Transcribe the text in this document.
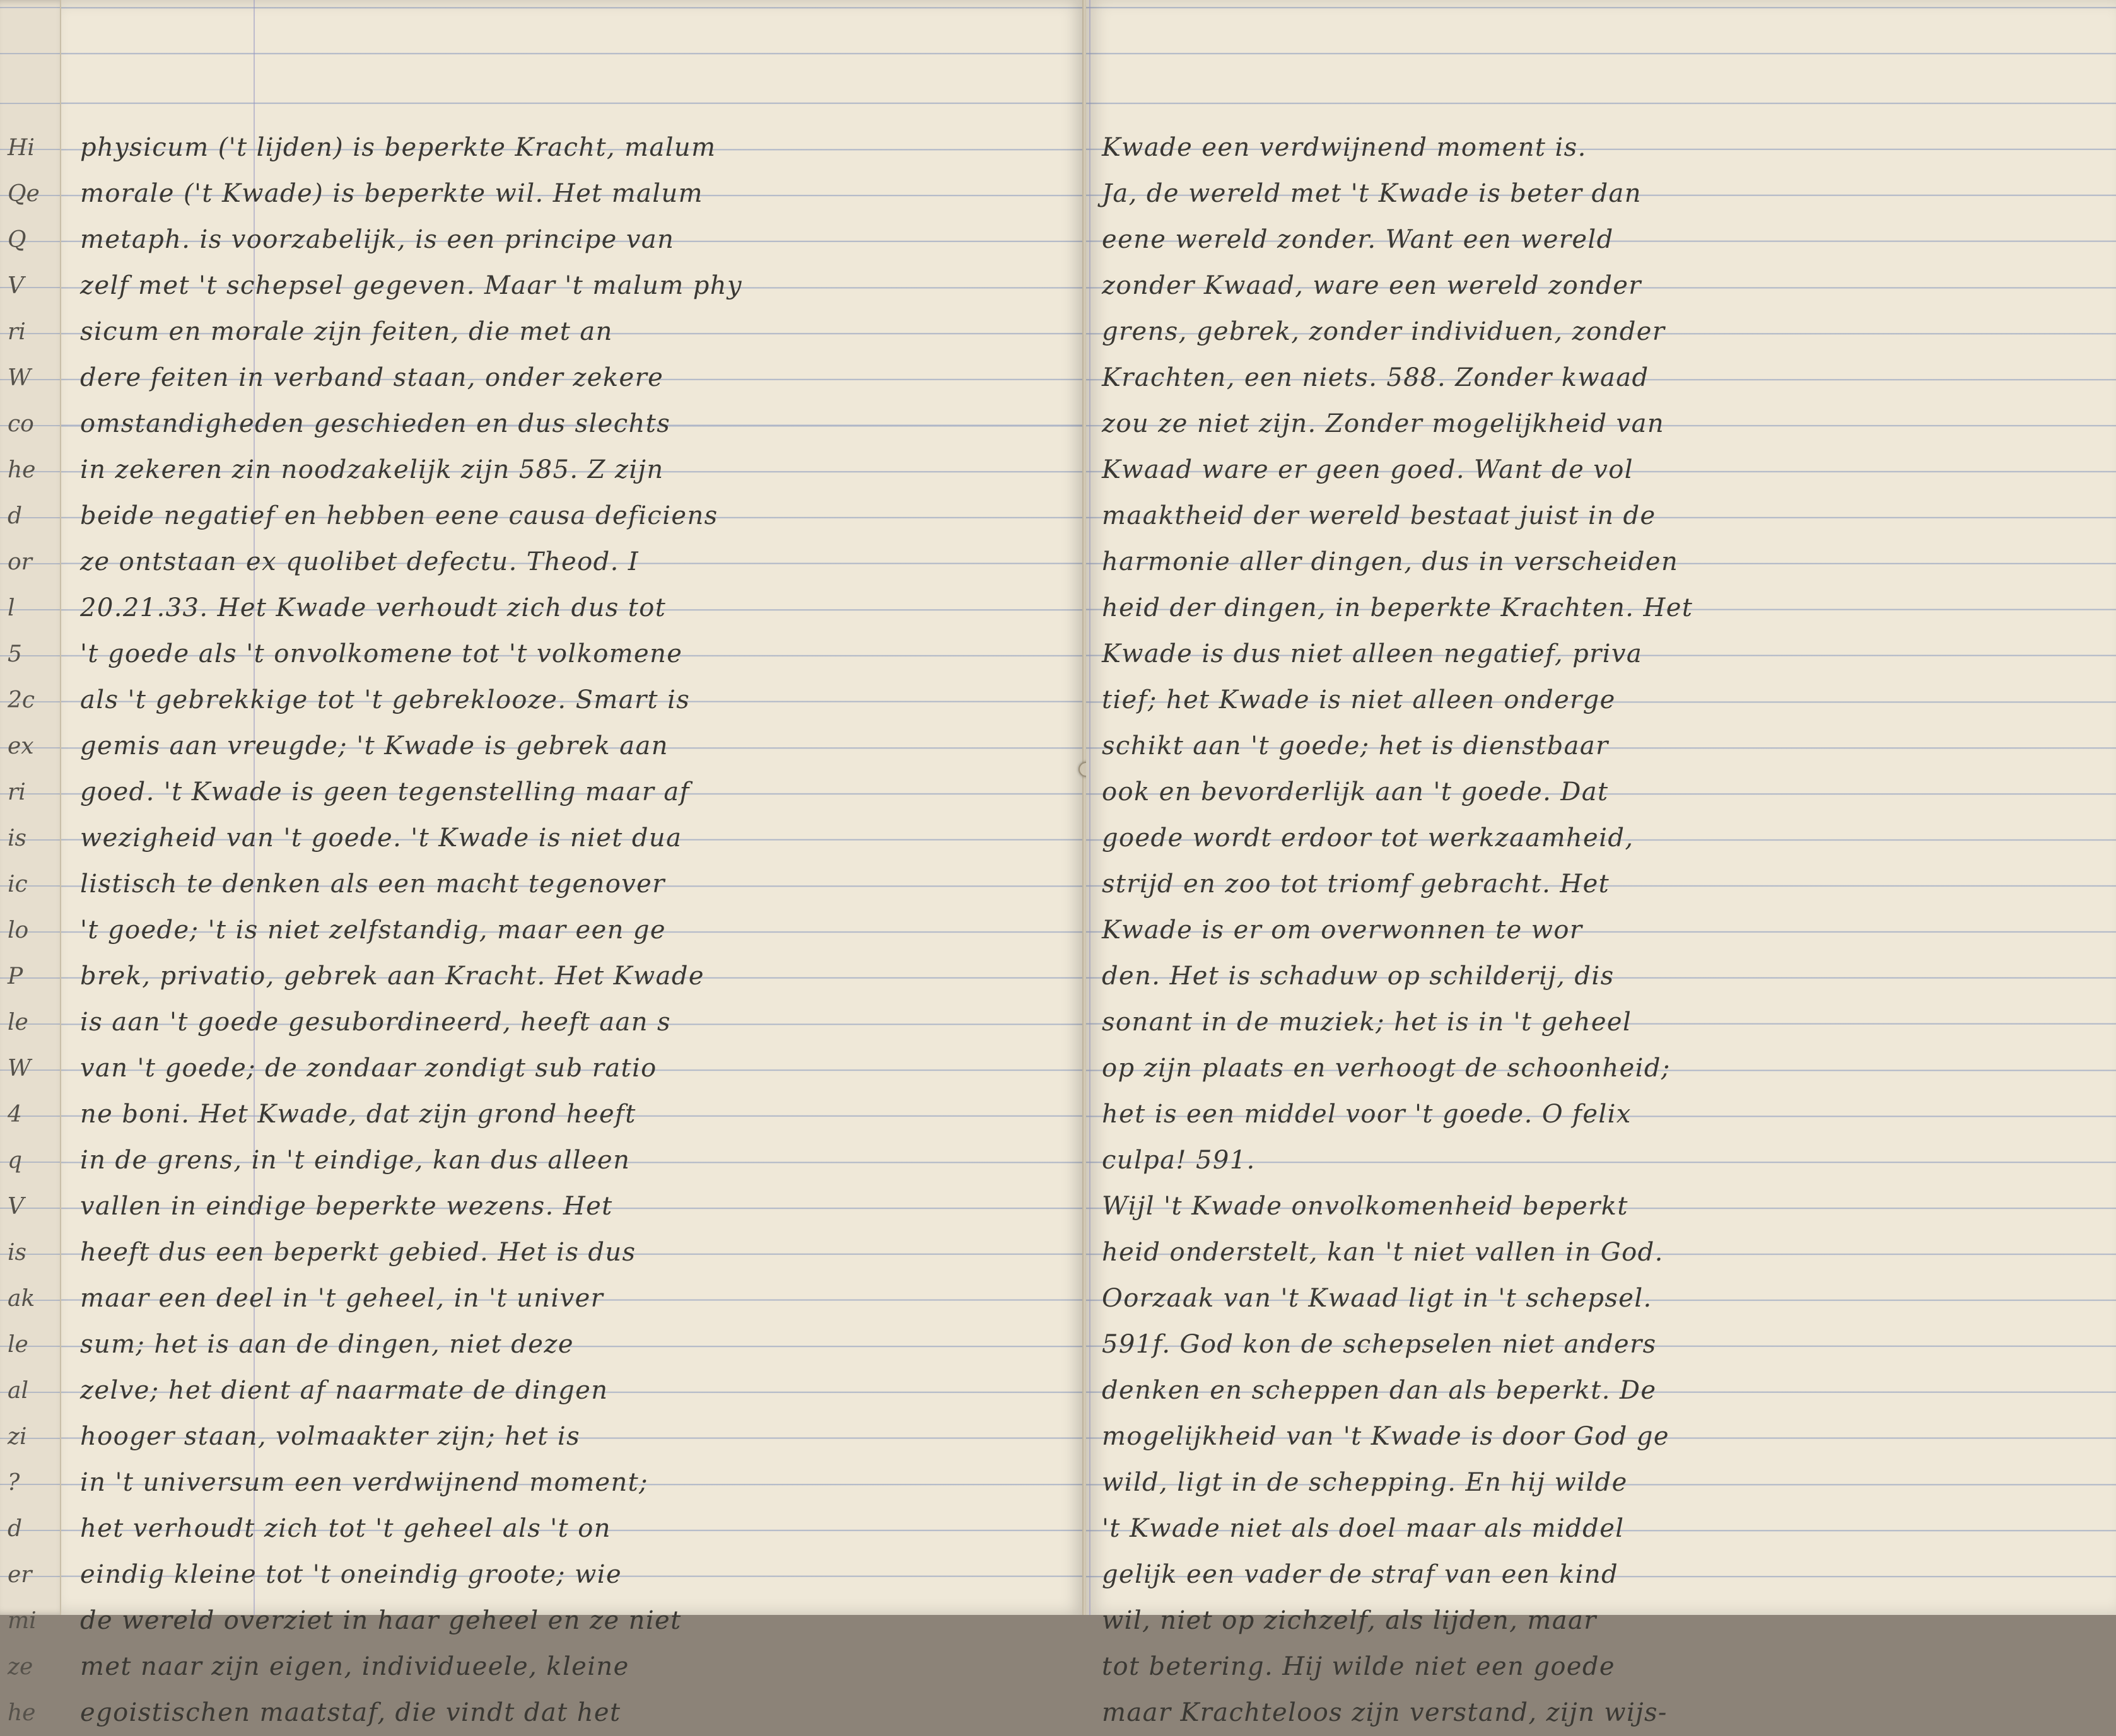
Hi
Qe
Q
V
ri
W
co
he
d
or
l
5
2c
ex
ri
is
ic
lo
P
le
W
4
q
V
is
ak
le
al
zi
?
d
er
mi
ze
he
physicum ('t lijden) is beperkte Kracht, malum
morale ('t Kwade) is beperkte wil. Het malum
metaph. is voorzabelijk, is een principe van
zelf met 't schepsel gegeven. Maar 't malum phy
sicum en morale zijn feiten, die met an
dere feiten in verband staan, onder zekere
omstandigheden geschieden en dus slechts
in zekeren zin noodzakelijk zijn 585. Z zijn
beide negatief en hebben eene causa deficiens
ze ontstaan ex quolibet defectu. Theod. I
20.21.33. Het Kwade verhoudt zich dus tot
't goede als 't onvolkomene tot 't volkomene
als 't gebrekkige tot 't gebreklooze. Smart is
gemis aan vreugde; 't Kwade is gebrek aan
goed. 't Kwade is geen tegenstelling maar af
wezigheid van 't goede. 't Kwade is niet dua
listisch te denken als een macht tegenover
't goede; 't is niet zelfstandig, maar een ge
brek, privatio, gebrek aan Kracht. Het Kwade
is aan 't goede gesubordineerd, heeft aan s
van 't goede; de zondaar zondigt sub ratio
ne boni. Het Kwade, dat zijn grond heeft
in de grens, in 't eindige, kan dus alleen
vallen in eindige beperkte wezens. Het
heeft dus een beperkt gebied. Het is dus
maar een deel in 't geheel, in 't univer
sum; het is aan de dingen, niet deze
zelve; het dient af naarmate de dingen
hooger staan, volmaakter zijn; het is
in 't universum een verdwijnend moment;
het verhoudt zich tot 't geheel als 't on
eindig kleine tot 't oneindig groote; wie
de wereld overziet in haar geheel en ze niet
met naar zijn eigen, individueele, kleine
egoistischen maatstaf, die vindt dat het
Kwade een verdwijnend moment is.
Ja, de wereld met 't Kwade is beter dan
eene wereld zonder. Want een wereld
zonder Kwaad, ware een wereld zonder
grens, gebrek, zonder individuen, zonder
Krachten, een niets. 588. Zonder kwaad
zou ze niet zijn. Zonder mogelijkheid van
Kwaad ware er geen goed. Want de vol
maaktheid der wereld bestaat juist in de
harmonie aller dingen, dus in verscheiden
heid der dingen, in beperkte Krachten. Het
Kwade is dus niet alleen negatief, priva
tief; het Kwade is niet alleen onderge
schikt aan 't goede; het is dienstbaar
ook en bevorderlijk aan 't goede. Dat
goede wordt erdoor tot werkzaamheid,
strijd en zoo tot triomf gebracht. Het
Kwade is er om overwonnen te wor
den. Het is schaduw op schilderij, dis
sonant in de muziek; het is in 't geheel
op zijn plaats en verhoogt de schoonheid;
het is een middel voor 't goede. O felix
culpa! 591.
Wijl 't Kwade onvolkomenheid beperkt
heid onderstelt, kan 't niet vallen in God.
Oorzaak van 't Kwaad ligt in 't schepsel.
591f. God kon de schepselen niet anders
denken en scheppen dan als beperkt. De
mogelijkheid van 't Kwade is door God ge
wild, ligt in de schepping. En hij wilde
't Kwade niet als doel maar als middel
gelijk een vader de straf van een kind
wil, niet op zichzelf, als lijden, maar
tot betering. Hij wilde niet een goede
maar Krachteloos zijn verstand, zijn wijs-
